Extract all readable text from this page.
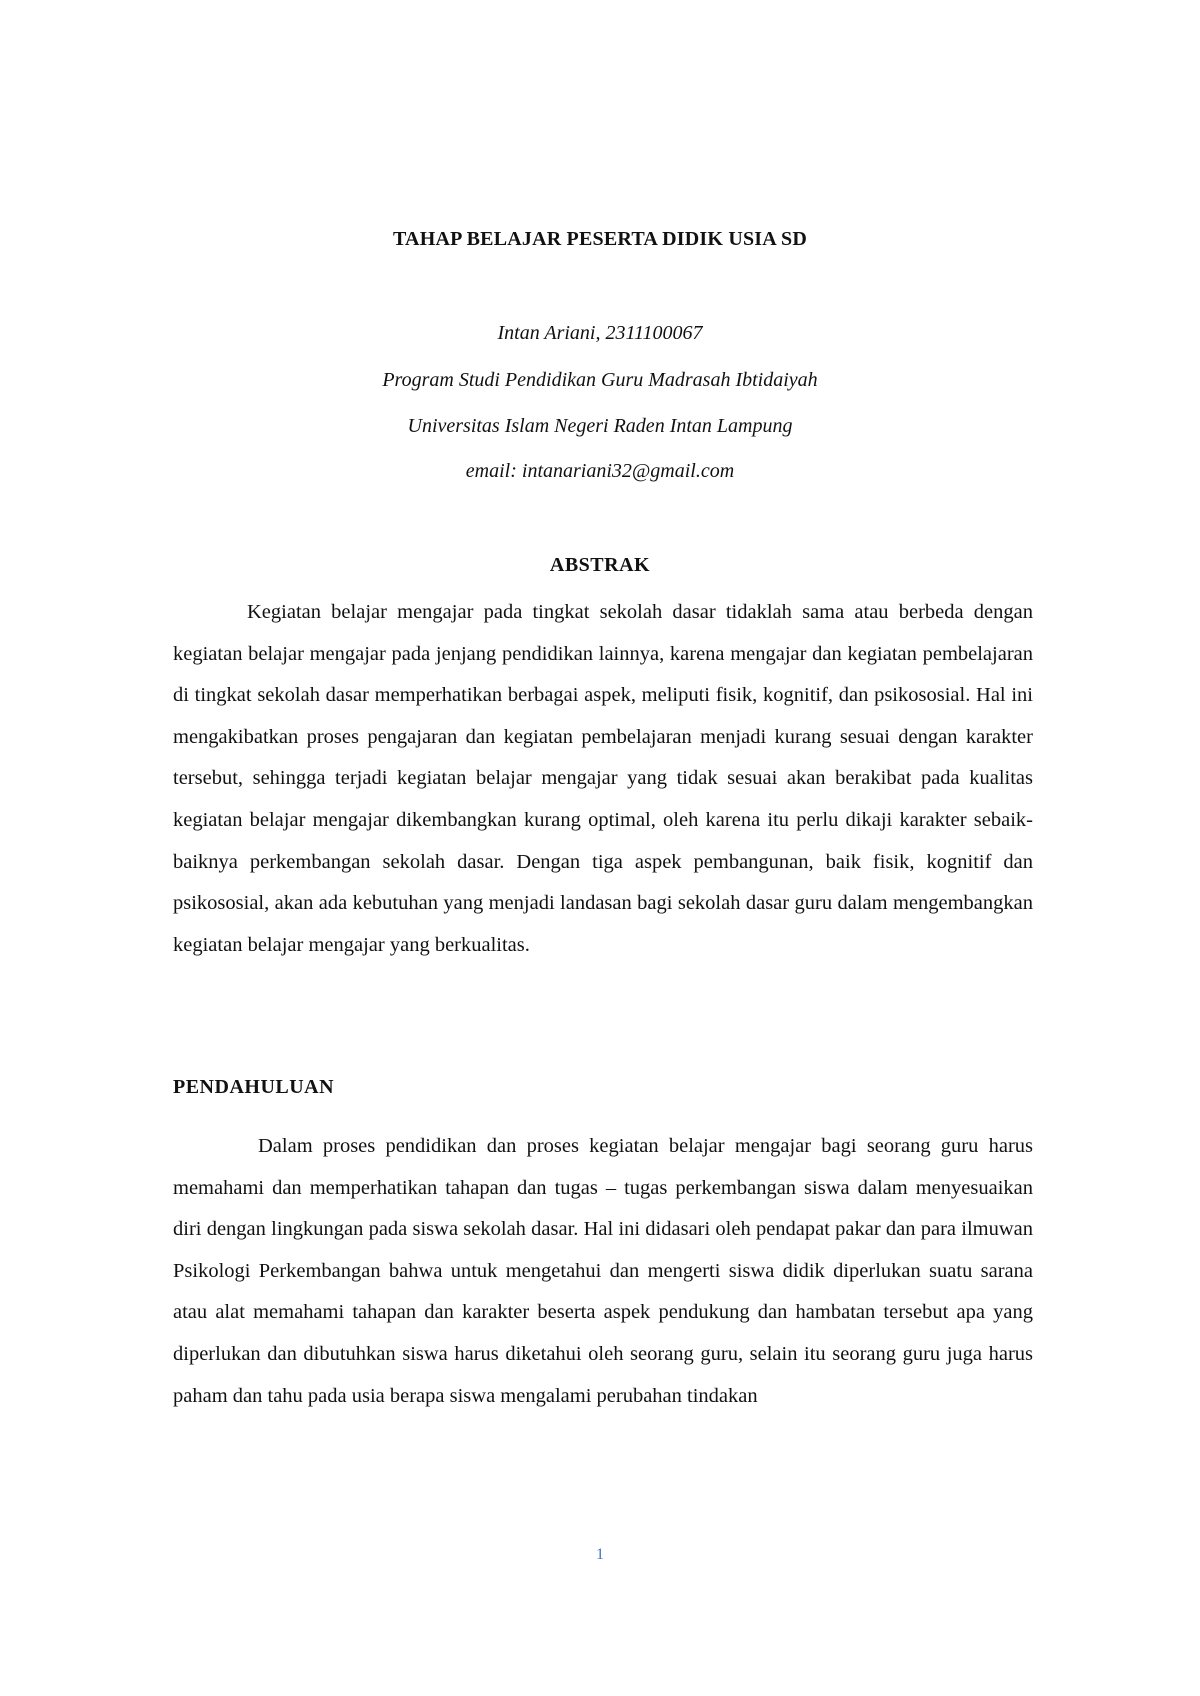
TAHAP BELAJAR PESERTA DIDIK USIA SD
Intan Ariani, 2311100067
Program Studi Pendidikan Guru Madrasah Ibtidaiyah
Universitas Islam Negeri Raden Intan Lampung
email: intanariani32@gmail.com
ABSTRAK

Kegiatan belajar mengajar pada tingkat sekolah dasar tidaklah sama atau berbeda dengan kegiatan belajar mengajar pada jenjang pendidikan lainnya, karena mengajar dan kegiatan pembelajaran di tingkat sekolah dasar memperhatikan berbagai aspek, meliputi fisik, kognitif, dan psikososial. Hal ini mengakibatkan proses pengajaran dan kegiatan pembelajaran menjadi kurang sesuai dengan karakter tersebut, sehingga terjadi kegiatan belajar mengajar yang tidak sesuai akan berakibat pada kualitas kegiatan belajar mengajar dikembangkan kurang optimal, oleh karena itu perlu dikaji karakter sebaik-baiknya perkembangan sekolah dasar. Dengan tiga aspek pembangunan, baik fisik, kognitif dan psikososial, akan ada kebutuhan yang menjadi landasan bagi sekolah dasar guru dalam mengembangkan kegiatan belajar mengajar yang berkualitas.

PENDAHULUAN

Dalam proses pendidikan dan proses kegiatan belajar mengajar bagi seorang guru harus memahami dan memperhatikan tahapan dan tugas – tugas perkembangan siswa dalam menyesuaikan diri dengan lingkungan pada siswa sekolah dasar. Hal ini didasari oleh pendapat pakar dan para ilmuwan Psikologi Perkembangan bahwa untuk mengetahui dan mengerti siswa didik diperlukan suatu sarana atau alat memahami tahapan dan karakter beserta aspek pendukung dan hambatan tersebut apa yang diperlukan dan dibutuhkan siswa harus diketahui oleh seorang guru, selain itu seorang guru juga harus paham dan tahu pada usia berapa siswa mengalami perubahan tindakan

1
